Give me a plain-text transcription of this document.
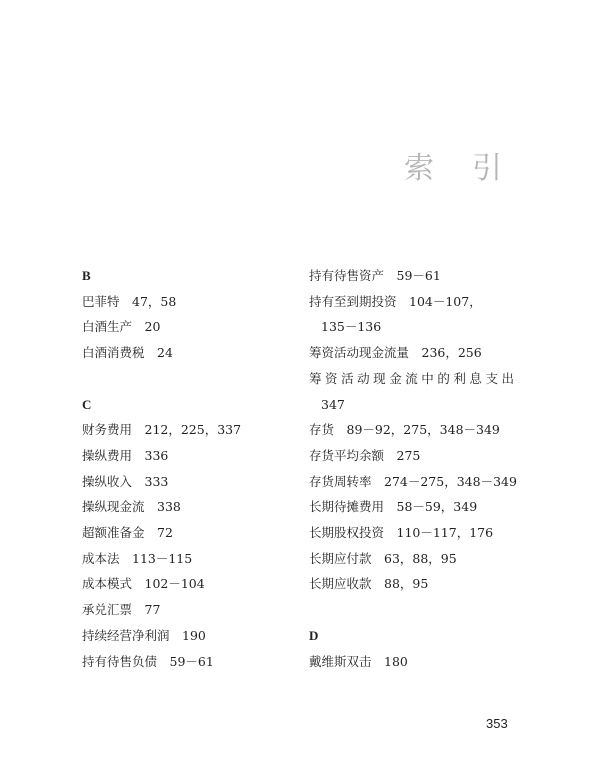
索引
B
巴菲特　47，58
白酒生产　20
白酒消费税　24
C
财务费用　212，225，337
操纵费用　336
操纵收入　333
操纵现金流　338
超额准备金　72
成本法　113－115
成本模式　102－104
承兑汇票　77
持续经营净利润　190
持有待售负债　59－61
持有待售资产　59－61
持有至到期投资　104－107，
135－136
筹资活动现金流量　236，256
筹资活动现金流中的利息支出
347
存货　89－92，275，348－349
存货平均余额　275
存货周转率　274－275，348－349
长期待摊费用　58－59，349
长期股权投资　110－117，176
长期应付款　63，88，95
长期应收款　88，95
D
戴维斯双击　180
353
